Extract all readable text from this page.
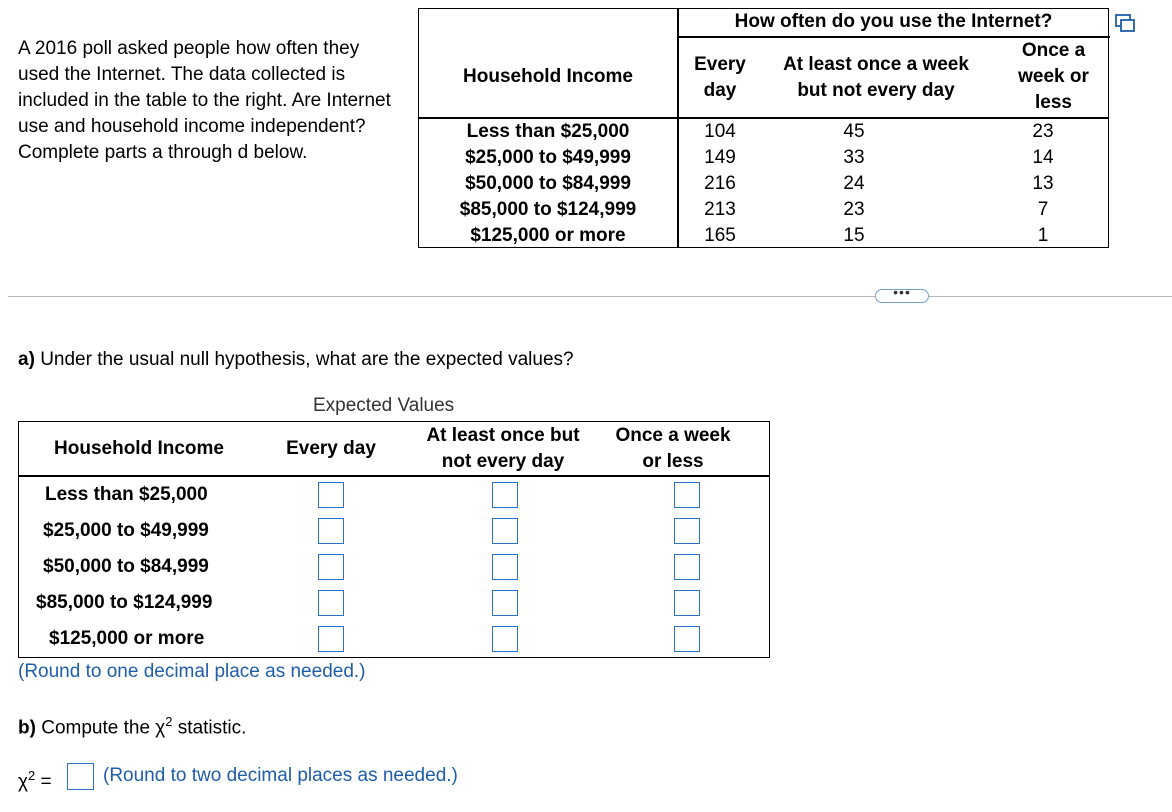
A 2016 poll asked people how often they used the Internet. The data collected is included in the table to the right. Are Internet use and household income independent? Complete parts a through d below.
How often do you use the Internet?
Household Income
Every
day
At least once a week
but not every day
Once a
week or
less
Less than $25,000	104	45	23
$25,000 to $49,999	149	33	14
$50,000 to $84,999	216	24	13
$85,000 to $124,999	213	23	7
$125,000 or more	165	15	1
•••
a) Under the usual null hypothesis, what are the expected values?
Expected Values
Household Income	Every day
At least once but
not every day
Once a week
or less
Less than $25,000
$25,000 to $49,999
$50,000 to $84,999
$85,000 to $124,999
$125,000 or more
(Round to one decimal place as needed.)
b) Compute the $\chi^2$ statistic.
$\chi^2$ =	(Round to two decimal places as needed.)
